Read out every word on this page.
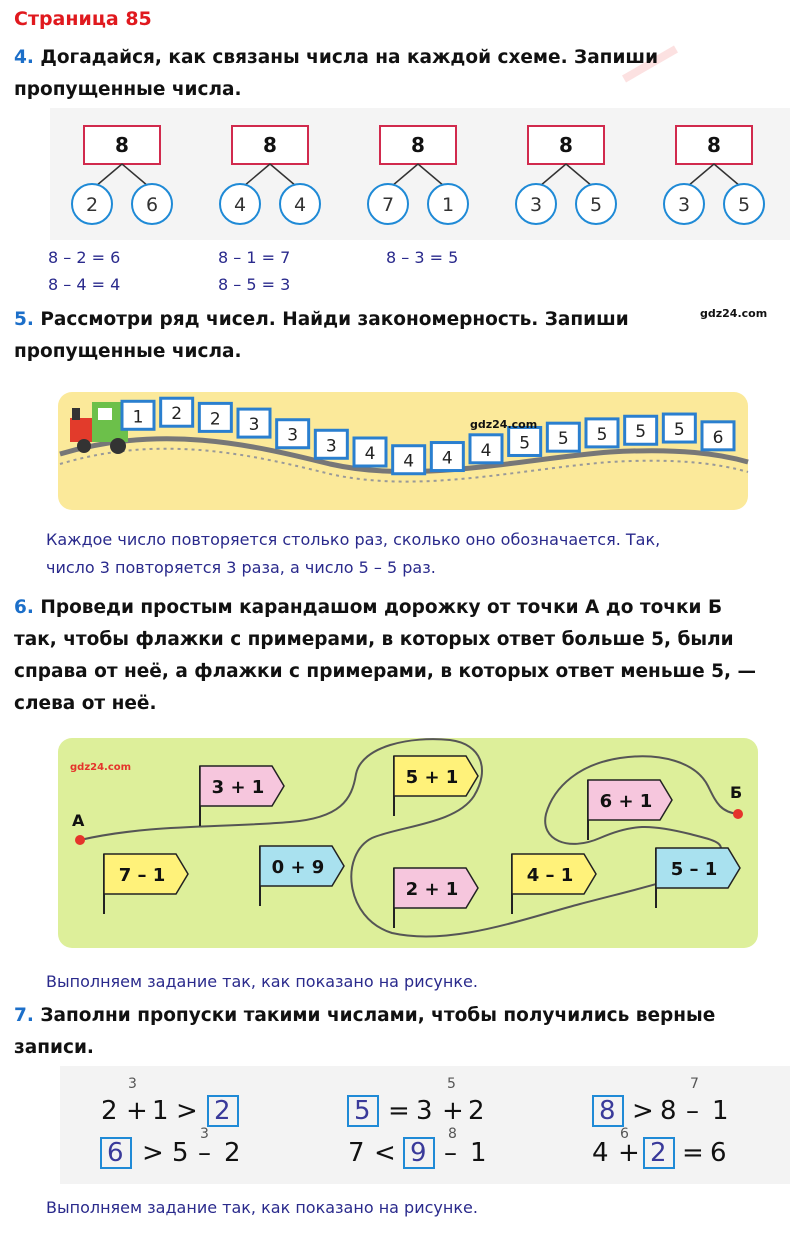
Страница 85
4. Догадайся, как связаны числа на каждой схеме. Запиши
пропущенные числа.
8
2	6
8
4	4
8
7	1
8
3	5
8
3	5
8 – 2 = 6
8 – 4 = 4
8 – 1 = 7
8 – 5 = 3
8 – 3 = 5
5. Рассмотри ряд чисел. Найди закономерность. Запиши
пропущенные числа.
gdz24.com
1 2 2 3
3
3 4 4 4 4 5 5 5 5 5 6
gdz24.com
Каждое число повторяется столько раз, сколько оно обозначается. Так,
число 3 повторяется 3 раза, а число 5 – 5 раз.
6. Проведи простым карандашом дорожку от точки А до точки Б
так, чтобы флажки с примерами, в которых ответ больше 5, были
справа от неё, а флажки с примерами, в которых ответ меньше 5, —
слева от неё.
3 + 1	5 + 1
6 + 1
7 – 1	0 + 9
2 + 1
4 – 1	5 – 1
А
Б
gdz24.com
Выполняем задание так, как показано на рисунке.
7. Заполни пропуски такими числами, чтобы получились верные
записи.
2 + 1 > 2
3
6 > 5 – 2
3
5 = 3 + 2
5
7 < 9 – 1
8
8 > 8 – 1
7
4 + 2 = 6
6
Выполняем задание так, как показано на рисунке.
